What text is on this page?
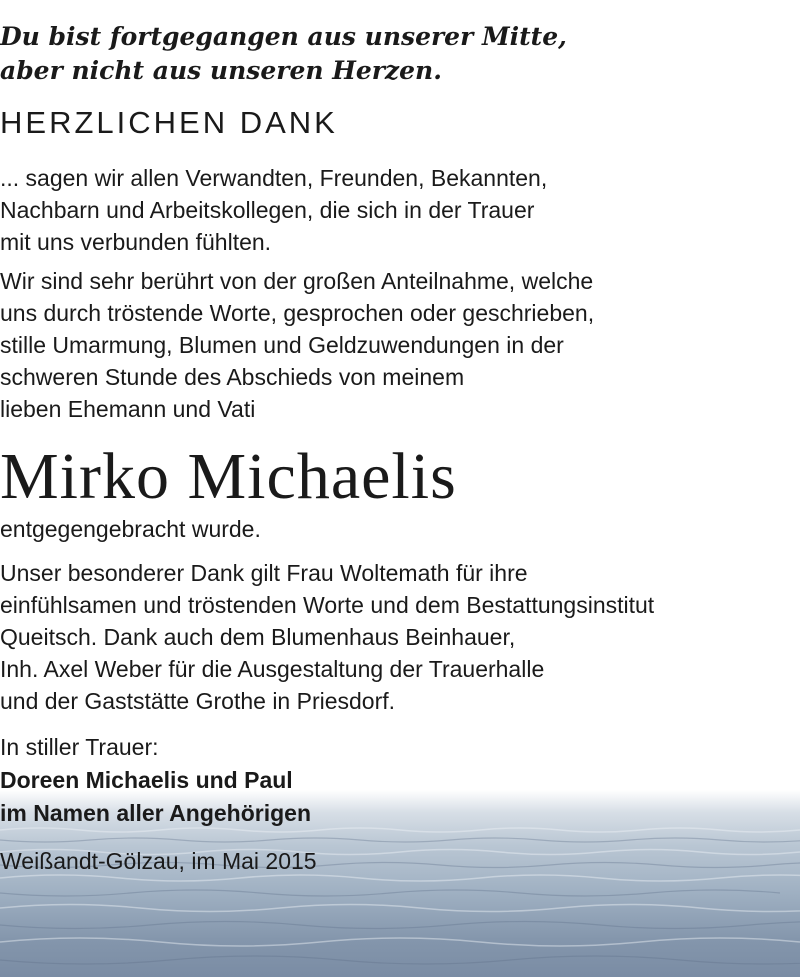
Du bist fortgegangen aus unserer Mitte,
aber nicht aus unseren Herzen.
HERZLICHEN DANK
... sagen wir allen Verwandten, Freunden, Bekannten,
Nachbarn und Arbeitskollegen, die sich in der Trauer
mit uns verbunden fühlten.
Wir sind sehr berührt von der großen Anteilnahme, welche
uns durch tröstende Worte, gesprochen oder geschrieben,
stille Umarmung, Blumen und Geldzuwendungen in der
schweren Stunde des Abschieds von meinem
lieben Ehemann und Vati
Mirko Michaelis
entgegengebracht wurde.
Unser besonderer Dank gilt Frau Woltemath für ihre
einfühlsamen und tröstenden Worte und dem Bestattungsinstitut
Queitsch. Dank auch dem Blumenhaus Beinhauer,
Inh. Axel Weber für die Ausgestaltung der Trauerhalle
und der Gaststätte Grothe in Priesdorf.
In stiller Trauer:
Doreen Michaelis und Paul
im Namen aller Angehörigen
Weißandt-Gölzau, im Mai 2015
